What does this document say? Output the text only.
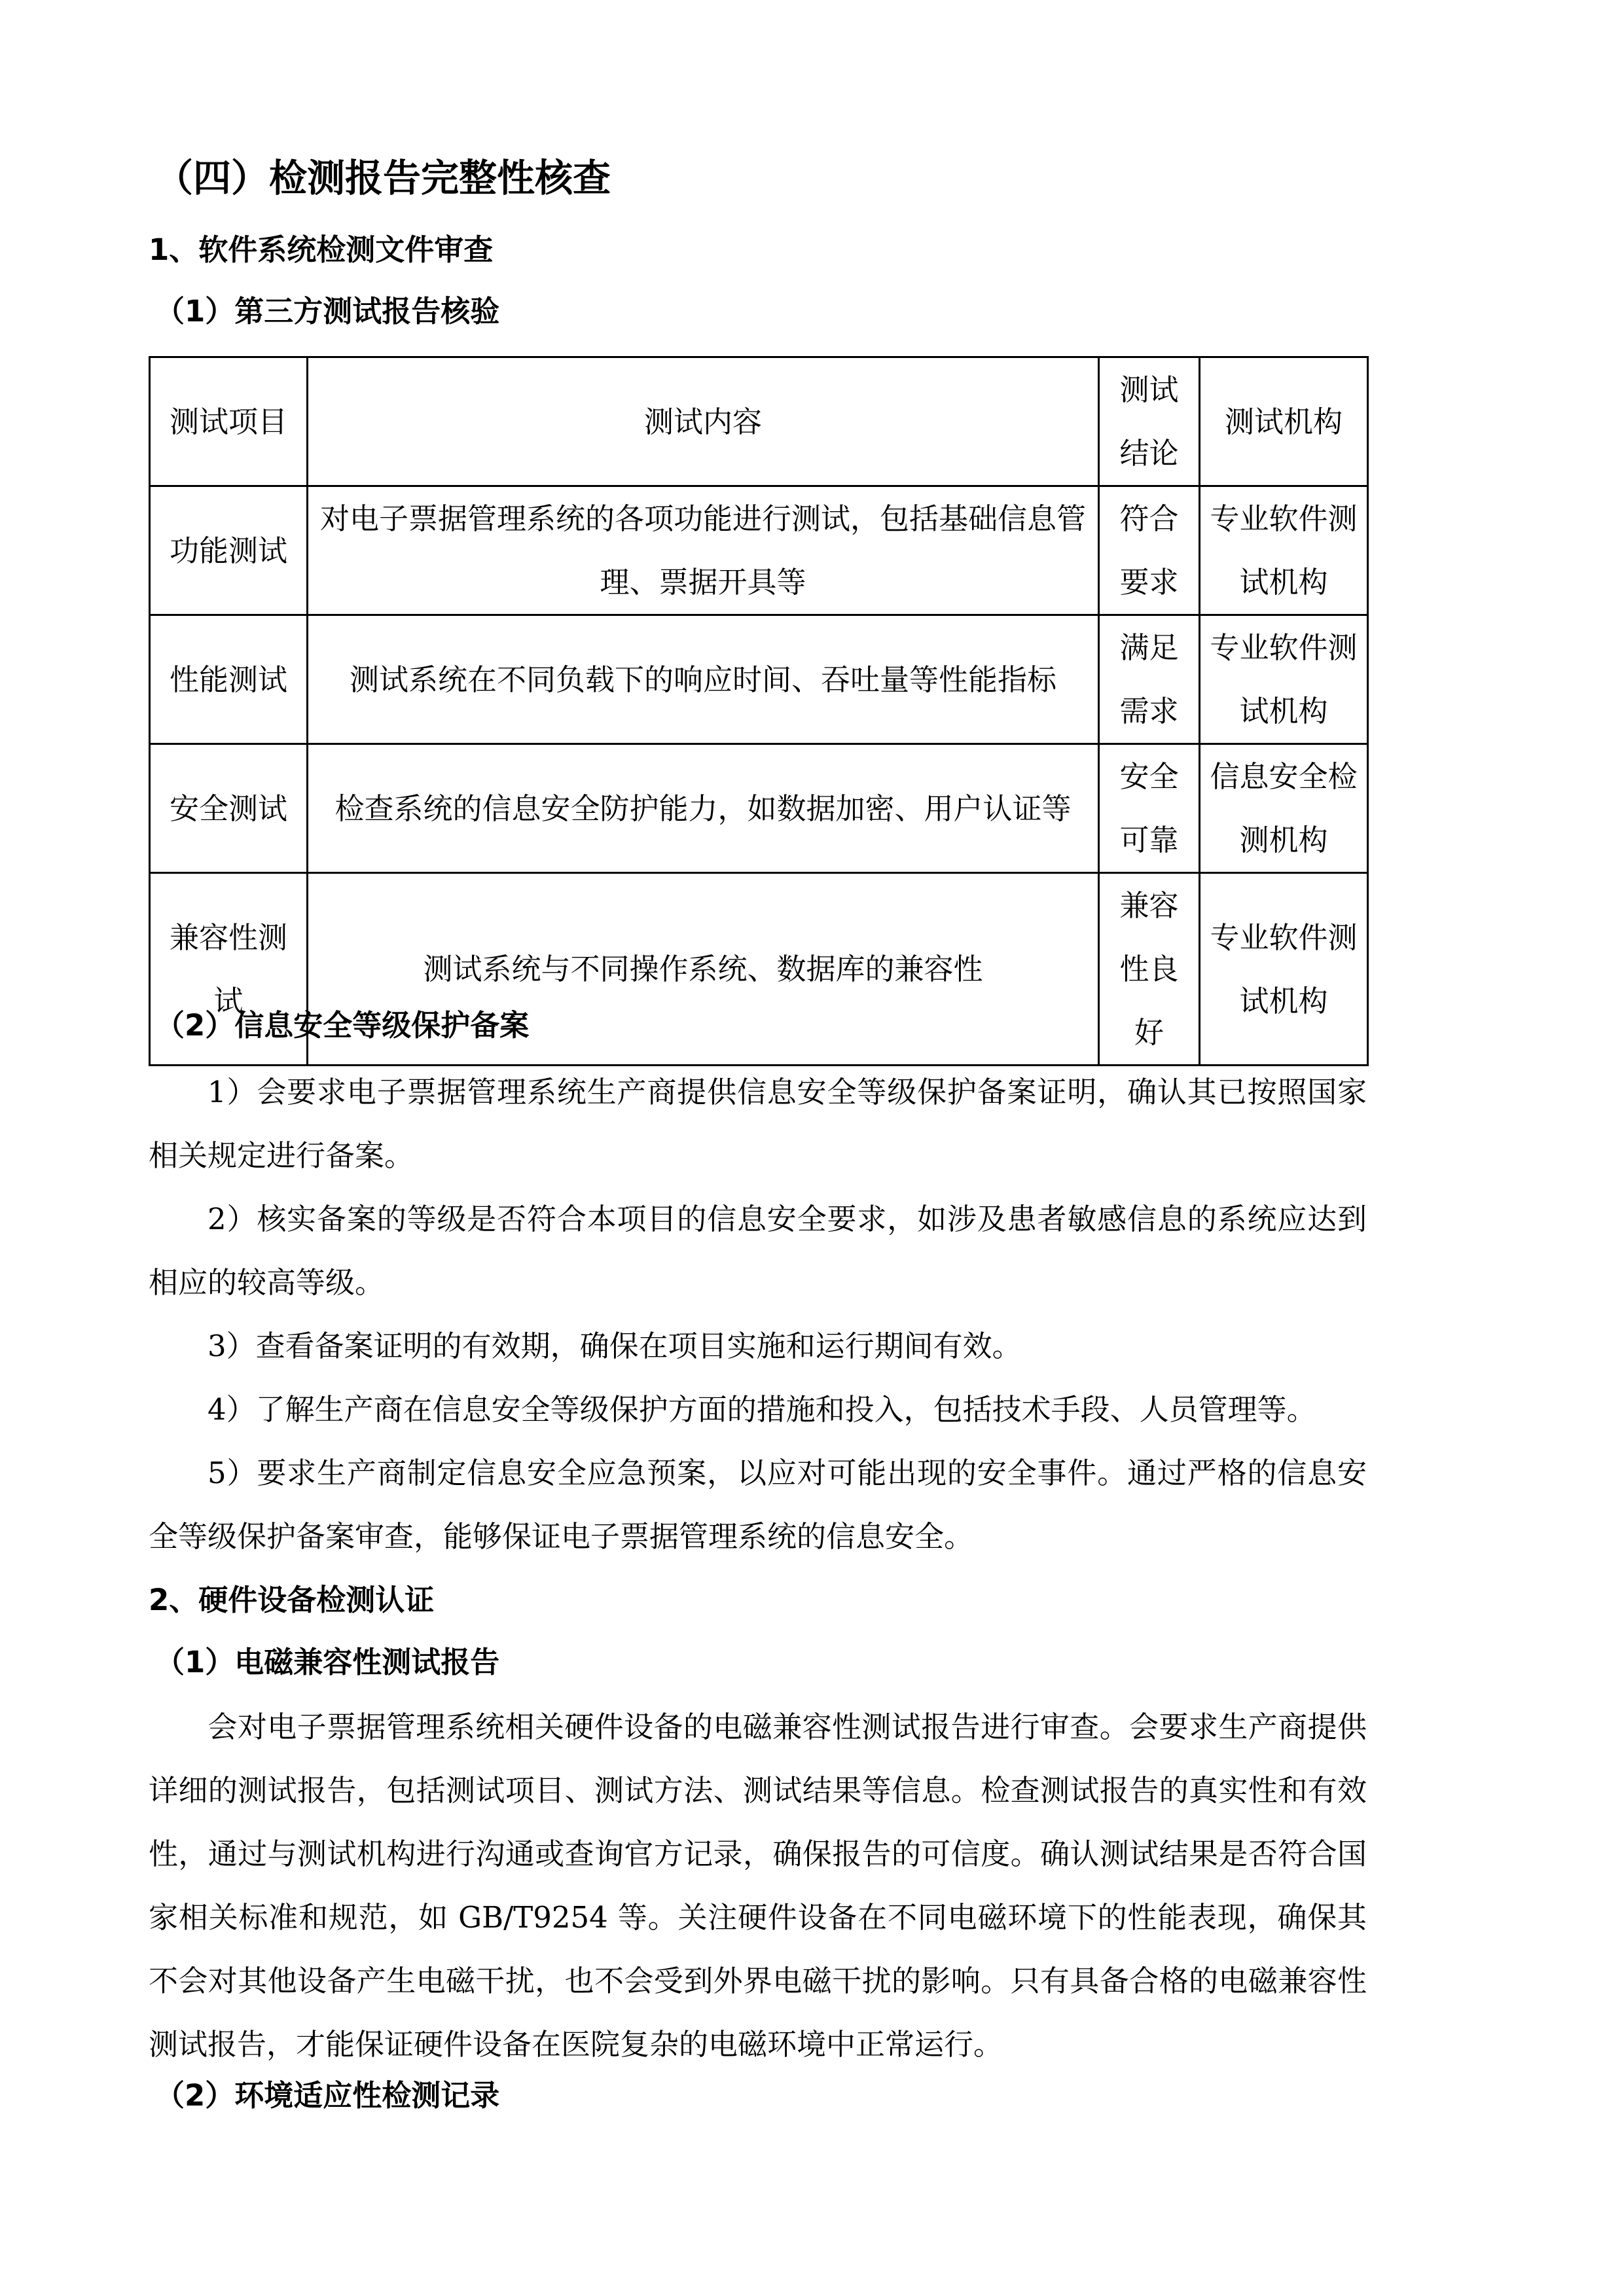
（四）检测报告完整性核查
1、软件系统检测文件审查
（1）第三方测试报告核验
测试项目	测试内容	测试结论	测试机构
功能测试	对电子票据管理系统的各项功能进行测试，包括基础信息管理、票据开具等	符合要求	专业软件测试机构
性能测试	测试系统在不同负载下的响应时间、吞吐量等性能指标	满足需求	专业软件测试机构
安全测试	检查系统的信息安全防护能力，如数据加密、用户认证等	安全可靠	信息安全检测机构
兼容性测试	测试系统与不同操作系统、数据库的兼容性	兼容性良好	专业软件测试机构
（2）信息安全等级保护备案
1）会要求电子票据管理系统生产商提供信息安全等级保护备案证明，确认其已按照国家相关规定进行备案。
2）核实备案的等级是否符合本项目的信息安全要求，如涉及患者敏感信息的系统应达到相应的较高等级。
3）查看备案证明的有效期，确保在项目实施和运行期间有效。
4）了解生产商在信息安全等级保护方面的措施和投入，包括技术手段、人员管理等。
5）要求生产商制定信息安全应急预案，以应对可能出现的安全事件。通过严格的信息安全等级保护备案审查，能够保证电子票据管理系统的信息安全。
2、硬件设备检测认证
（1）电磁兼容性测试报告
会对电子票据管理系统相关硬件设备的电磁兼容性测试报告进行审查。会要求生产商提供详细的测试报告，包括测试项目、测试方法、测试结果等信息。检查测试报告的真实性和有效性，通过与测试机构进行沟通或查询官方记录，确保报告的可信度。确认测试结果是否符合国家相关标准和规范，如 GB/T9254 等。关注硬件设备在不同电磁环境下的性能表现，确保其不会对其他设备产生电磁干扰，也不会受到外界电磁干扰的影响。只有具备合格的电磁兼容性测试报告，才能保证硬件设备在医院复杂的电磁环境中正常运行。
（2）环境适应性检测记录
